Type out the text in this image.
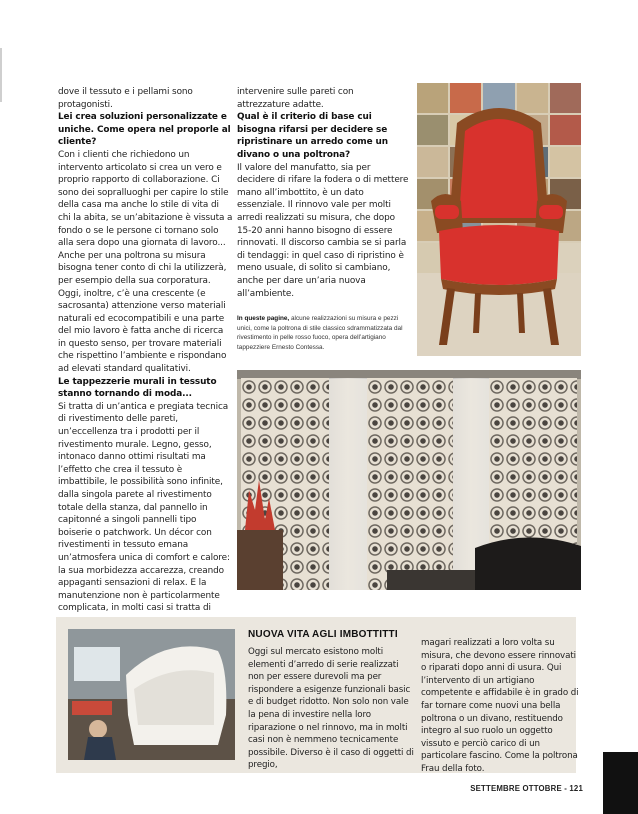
dove il tessuto e i pellami sono protagonisti.

Lei crea soluzioni personalizzate e uniche. Come opera nel proporle al cliente?

Con i clienti che richiedono un intervento articolato si crea un vero e proprio rapporto di collaborazione. Ci sono dei sopralluoghi per capire lo stile della casa ma anche lo stile di vita di chi la abita, se un’abitazione è vissuta a fondo o se le persone ci tornano solo alla sera dopo una giornata di lavoro... Anche per una poltrona su misura bisogna tener conto di chi la utilizzerà, per esempio della sua corporatura. Oggi, inoltre, c’è una crescente (e sacrosanta) attenzione verso materiali naturali ed ecocompatibili e una parte del mio lavoro è fatta anche di ricerca in questo senso, per trovare materiali che rispettino l’ambiente e rispondano ad elevati standard qualitativi.

Le tappezzerie murali in tessuto stanno tornando di moda...

Si tratta di un’antica e pregiata tecnica di rivestimento delle pareti, un’eccellenza tra i prodotti per il rivestimento murale. Legno, gesso, intonaco danno ottimi risultati ma l’effetto che crea il tessuto è imbattibile, le possibilità sono infinite, dalla singola parete al rivestimento totale della stanza, dal pannello in capitonné a singoli pannelli tipo boiserie o patchwork. Un décor con rivestimenti in tessuto emana un’atmosfera unica di comfort e calore: la sua morbidezza accarezza, creando appaganti sensazioni di relax. E la manutenzione non è particolarmente complicata, in molti casi si tratta di

intervenire sulle pareti con attrezzature adatte.

Qual è il criterio di base cui bisogna rifarsi per decidere se ripristinare un arredo come un divano o una poltrona?

Il valore del manufatto, sia per decidere di rifare la fodera o di mettere mano all’imbottito, è un dato essenziale. Il rinnovo vale per molti arredi realizzati su misura, che dopo 15-20 anni hanno bisogno di essere rinnovati. Il discorso cambia se si parla di tendaggi: in quel caso di ripristino è meno usuale, di solito si cambiano, anche per dare un’aria nuova all’ambiente.

In queste pagine, alcune realizzazioni su misura e pezzi unici, come la poltrona di stile classico sdrammatizzata dal rivestimento in pelle rosso fuoco, opera dell’artigiano tappezziere Ernesto Contessa.
NUOVA VITA AGLI IMBOTTITTI

Oggi sul mercato esistono molti elementi d’arredo di serie realizzati non per essere durevoli ma per rispondere a esigenze funzionali basic e di budget ridotto. Non solo non vale la pena di investire nella loro riparazione o nel rinnovo, ma in molti casi non è nemmeno tecnicamente possibile. Diverso è il caso di oggetti di pregio,

magari realizzati a loro volta su misura, che devono essere rinnovati o riparati dopo anni di usura. Qui l’intervento di un artigiano competente e affidabile è in grado di far tornare come nuovi una bella poltrona o un divano, restituendo integro al suo ruolo un oggetto vissuto e perciò carico di un particolare fascino. Come la poltrona Frau della foto.

SETTEMBRE OTTOBRE - 121
